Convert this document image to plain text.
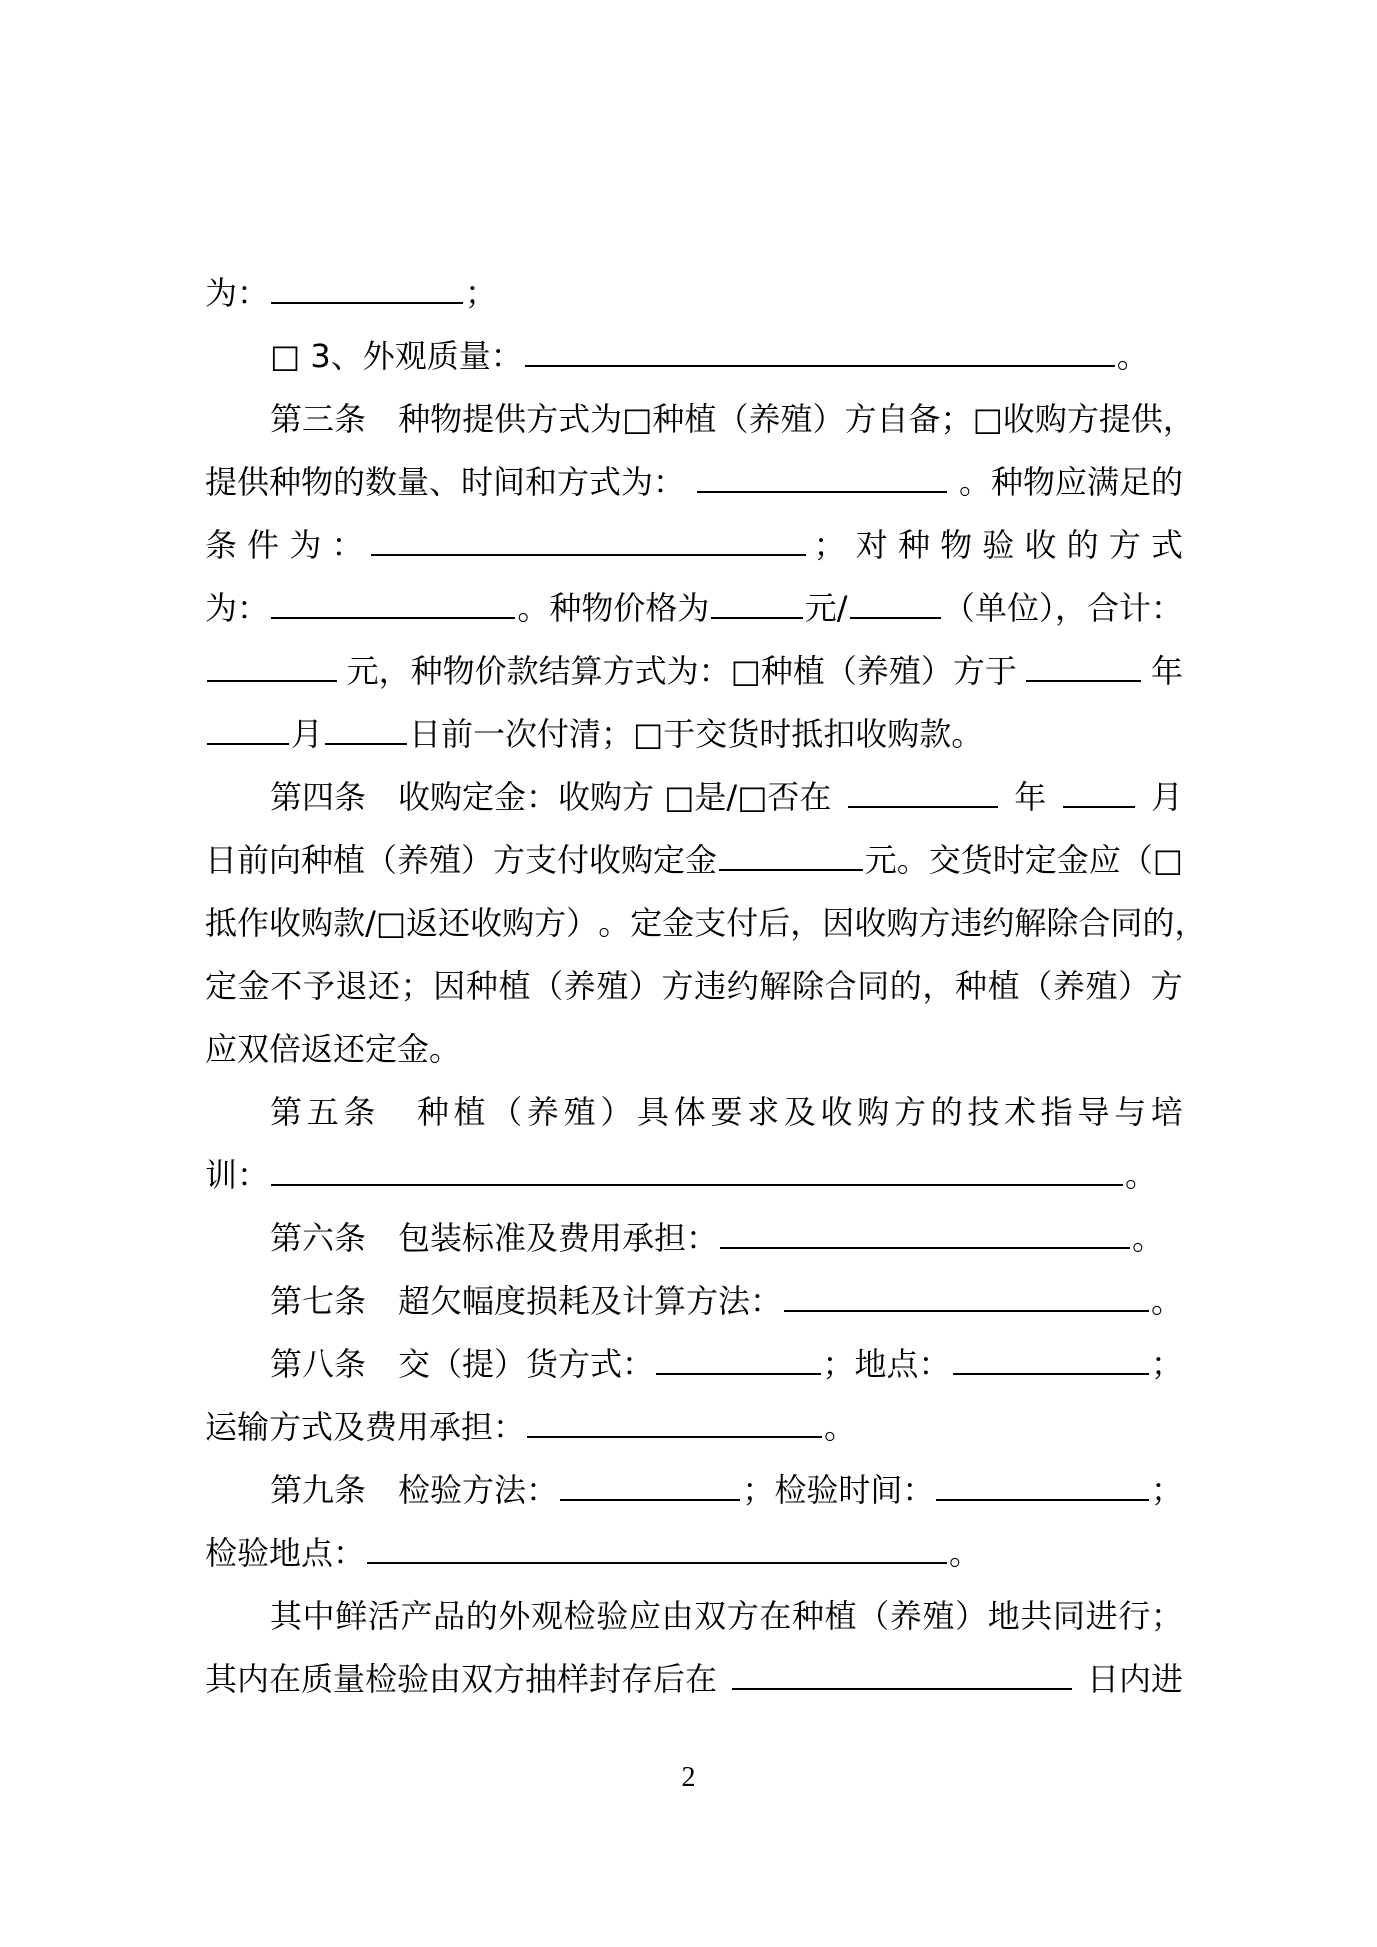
为：	；
□ 3、外观质量：	。
第 三 条
　 种 物 提 供 方 式 为 □ 种 植 （ 养 殖 ） 方 自 备 ； □ 收 购 方 提 供 ，
提供种物的数量、时间和方式为：	。种物应满足的
条 件 为 ：	； 对 种 物 验 收 的 方 式
为：	。种物价格为	元/	（单位），合计：
元，种物价款结算方式为：□种植（养殖）方于	年
月	日前一次付清；□于交货时抵扣收购款。
第四条　收购定金：收购方 □是/□否在	年	月
日前向种植（养殖）方支付收购定金	元。交货时定金应（□
抵 作 收 购 款 / □ 返 还 收 购 方 ） 。 定 金 支 付 后 ， 因 收 购 方 违 约 解 除 合 同 的 ，
定 金 不 予 退 还 ； 因 种 植 （ 养 殖 ） 方 违 约 解 除 合 同 的 ， 种 植 （ 养 殖 ） 方
应双倍返还定金。
第 五 条
　 种 植 （ 养 殖 ） 具 体 要 求 及 收 购 方 的 技 术 指 导 与 培
训：	。
第六条　包装标准及费用承担：	。
第七条　超欠幅度损耗及计算方法：	。
第八条　交（提）货方式：	；地点：	；
运输方式及费用承担：	。
第九条　检验方法：	；检验时间：	；
检验地点：	。
其 中 鲜 活 产 品 的 外 观 检 验 应 由 双 方 在 种 植 （ 养 殖 ） 地 共 同 进 行 ；
其内在质量检验由双方抽样封存后在	日内进
2
